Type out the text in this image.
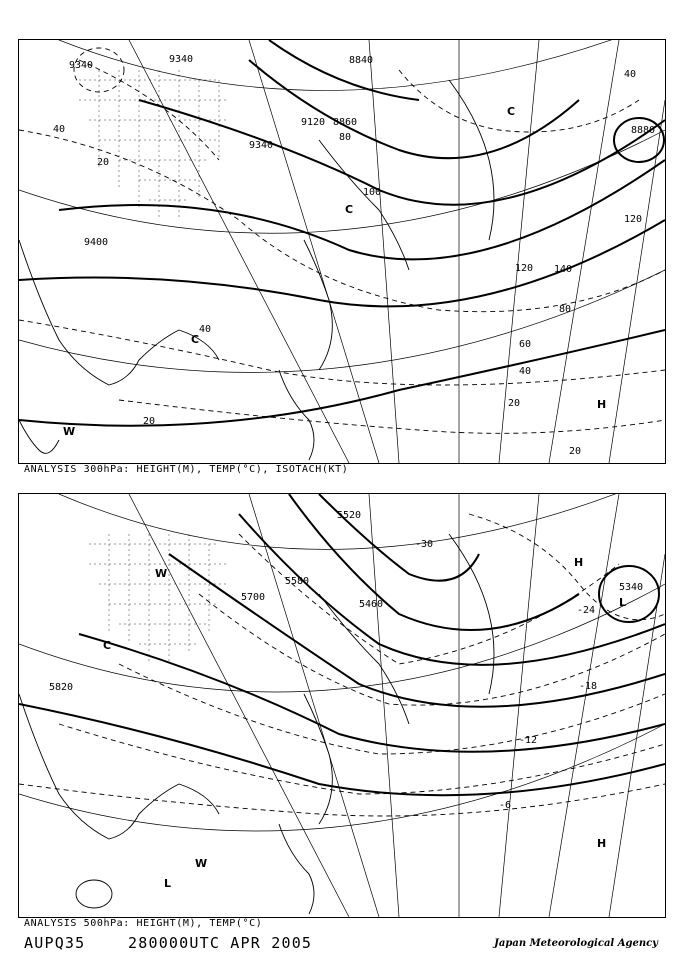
9340
9340
9120
9400
8860
8880
8840
9340
40
20
80
100
120
140
60
40
20
20
20
40
120
80
40
C
C
C
H
W
ANALYSIS 300hPa: HEIGHT(M), TEMP(°C), ISOTACH(KT)
5820
5700
5580
5520
5340
5460
-30
-24
-18
-12
-6
C
W
W
L
H
L
H
ANALYSIS 500hPa: HEIGHT(M), TEMP(°C)
AUPQ35	280000UTC APR 2005	Japan Meteorological Agency
